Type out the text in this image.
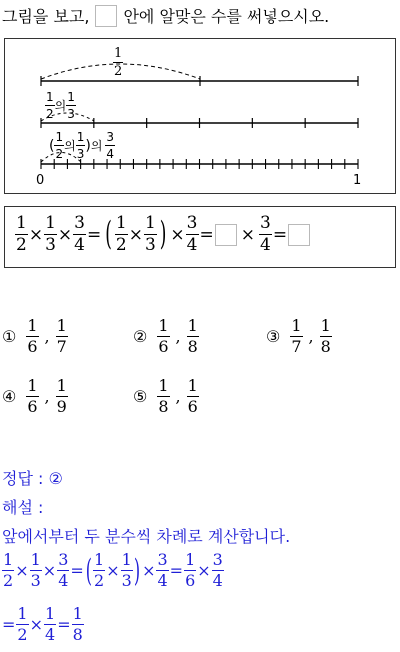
그림을 보고, 안에 알맞은 수를 써넣으시오.
$\frac{1}{2}$
$\frac{1}{2}$ 의 $\frac{1}{3}$
( $\frac{1}{2}$ 의 $\frac{1}{3}$ ) 의 $\frac{3}{4}$
0	1
$\frac{1}{2} \times \frac{1}{3} \times \frac{3}{4}$ = ( $\frac{1}{2} \times \frac{1}{3}$ ) × $\frac{3}{4}$ = × $\frac{3}{4}$ =
① $\frac{1}{6}$ , $\frac{1}{7}$	② $\frac{1}{6}$ , $\frac{1}{8}$	③ $\frac{1}{7}$ , $\frac{1}{8}$
④ $\frac{1}{6}$ , $\frac{1}{9}$	⑤ $\frac{1}{8}$ , $\frac{1}{6}$
정답 : ②
해설 :
앞에서부터 두 분수씩 차례로 계산합니다.
$\frac{1}{2} \times \frac{1}{3} \times \frac{3}{4}$ = ( $\frac{1}{2} \times \frac{1}{3}$ ) × $\frac{3}{4} = \frac{1}{6} \times \frac{3}{4}$
= $\frac{1}{2} \times \frac{1}{4} = \frac{1}{8}$
